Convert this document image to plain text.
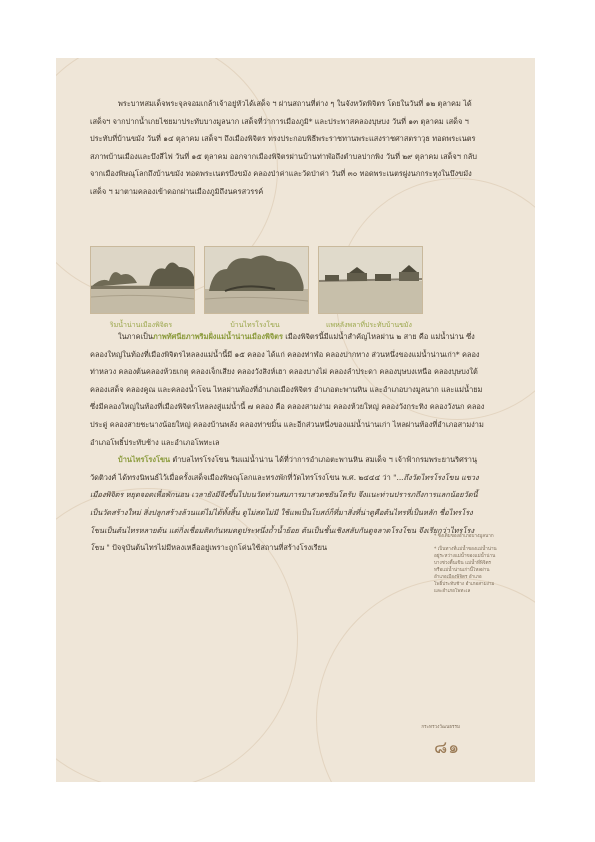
พระบาทสมเด็จพระจุลจอมเกล้าเจ้าอยู่หัวได้เสด็จ ฯ ผ่านสถานที่ต่าง ๆ ในจังหวัดพิจิตร โดยในวันที่ ๑๒ ตุลาคม ได้เสด็จฯ จากปากน้ำเกยไชยมาประทับบางมูลนาก เสด็จที่ว่าการเมืองภูมิ* และประพาสคลองบุษบง วันที่ ๑๓ ตุลาคม เสด็จ ฯ ประทับที่บ้านขมัง วันที่ ๑๔ ตุลาคม เสด็จฯ ถึงเมืองพิจิตร ทรงประกอบพิธีพระราชทานพระแสงราชศาสตราวุธ ทอดพระเนตรสภาพบ้านเมืองและบึงสีไฟ วันที่ ๑๕ ตุลาคม ออกจากเมืองพิจิตรผ่านบ้านท่าฬ่อถึงตำบลปากพิง วันที่ ๒๙ ตุลาคม เสด็จฯ กลับจากเมืองพิษณุโลกถึงบ้านขมัง ทอดพระเนตรบึงขมัง คลองป่าค่าและวัดป่าค่า วันที่ ๓๐ ทอดพระเนตรฝูงนกกระทุงในบึงขมัง เสด็จ ฯ มาตามคลองเข้าดอกผ่านเมืองภูมิถึงนครสวรรค์

ริมน้ำน่านเมืองพิจิตร	บ้านไทรโรงโขน	แพหลังพลาที่ประทับบ้านขมัง

ในภาคเป็นภาพทัศนียภาพริมฝั่งแม่น้ำน่านเมืองพิจิตร เมืองพิจิตรนี้มีแม่น้ำสำคัญไหลผ่าน ๒ สาย คือ แม่น้ำน่าน ซึ่งคลองใหญ่ในท้องที่เมืองพิจิตรไหลลงแม่น้ำนี้มี ๑๕ คลอง ได้แก่ คลองท่าฬ่อ คลองปากทาง ส่วนหนึ่งของแม่น้ำน่านเก่า* คลองท่าหลวง คลองต้นคลองห้วยเกตุ คลองเจ็กเสียง คลองวังสิงห์เฮา คลองบางไผ่ คลองลำประดา คลองบุษบงเหนือ คลองบุษบงใต้ คลองเสด็จ คลองคูณ และคลองน้ำโจน ไหลผ่านท้องที่อำเภอเมืองพิจิตร อำเภอตะพานหิน และอำเภอบางมูลนาก และแม่น้ำยม ซึ่งมีคลองใหญ่ในท้องที่เมืองพิจิตรไหลลงสู่แม่น้ำนี้ ๗ คลอง คือ คลองสามง่าม คลองห้วยใหญ่ คลองวังกระทิง คลองวังนก คลองประดู่ คลองสายชะนางน้อยใหญ่ คลองบ้านพลัง คลองท่าขมิ้น และอีกส่วนหนึ่งของแม่น้ำน่านเก่า ไหลผ่านท้องที่อำเภอสามง่าม อำเภอโพธิ์ประทับช้าง และอำเภอโพทะเล

บ้านไทรโรงโขน ตำบลไทรโรงโขน ริมแม่น้ำน่าน ได้ที่ว่าการอำเภอตะพานหิน สมเด็จ ฯ เจ้าฟ้ากรมพระยานริศรานุวัดติวงศ์ ได้ทรงนิพนธ์ไว้เมื่อครั้งเสด็จเมืองพิษณุโลกและทรงพักที่วัดไทรโรงโขน พ.ศ. ๒๔๔๔ ว่า "...ถึงวัดไทรโรงโขน แขวงเมืองพิจิตร หยุดจอดเพื่อพักนอน เวลายังมีจึงขึ้นไปบนวัดท่านสมภารมาสวดชยันโตรับ จึงแนะท่านปรารภถึงการแลกน้อยวัดนี้เป็นวัดสร้างใหม่ สิ่งปลูกสร้างล้วนแต่ไม่ได้ทั้งสิ้น ดูไม่สดไม่มี ใช้แพเป็นโบสถ์ก็ที่มาสิ่งที่น่าดูคือต้นไทรที่เป็นหลัก ชื่อไทรโรงโขนเป็นต้นไทรหลายต้น แต่กิ่งเชื่อมติดกันหมดดูประหนึ่งถ้ำน้ำย้อย ต้นเป็นชั้นเชิงสลับกันดูจลาดโรงโขน จึงเรียกว่าไทรโรงโขน " ปัจจุบันต้นไทรไม่มีหลงเหลืออยู่เพราะถูกโค่นใช้สถานที่สร้างโรงเรียน

* ซึ่งเดิมของอำเภอบางมูลนาก

* เป็นทางที่แม่น้ำของแม่น้ำน่านอยู่ระหว่างแม่น้ำของแม่น้ำน่าน บางช่วงตื้นเขิน แม่น้ำที่พิจิตรหรือแม่น้ำน่านเก่านี้ไหลผ่านอำเภอเมืองพิจิตร อำเภอโพธิ์ประทับช้าง อำเภอสามง่ามและอำเภอโพทะเล

กระทรวงวัฒนธรรม
๘๑
